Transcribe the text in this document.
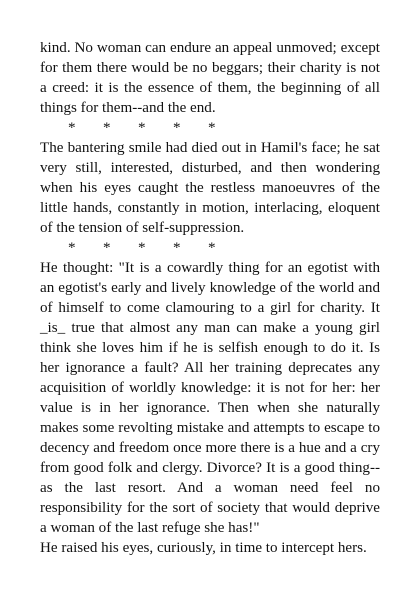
kind. No woman can endure an appeal unmoved; except for them there would be no beggars; their charity is not a creed: it is the essence of them, the beginning of all things for them--and the end.

* * * * *

The bantering smile had died out in Hamil's face; he sat very still, interested, disturbed, and then wondering when his eyes caught the restless manoeuvres of the little hands, constantly in motion, interlacing, eloquent of the tension of self-suppression.

* * * * *

He thought: "It is a cowardly thing for an egotist with an egotist's early and lively knowledge of the world and of himself to come clamouring to a girl for charity. It _is_ true that almost any man can make a young girl think she loves him if he is selfish enough to do it. Is her ignorance a fault? All her training deprecates any acquisition of worldly knowledge: it is not for her: her value is in her ignorance. Then when she naturally makes some revolting mistake and attempts to escape to decency and freedom once more there is a hue and a cry from good folk and clergy. Divorce? It is a good thing--as the last resort. And a woman need feel no responsibility for the sort of society that would deprive a woman of the last refuge she has!"

He raised his eyes, curiously, in time to intercept hers.
